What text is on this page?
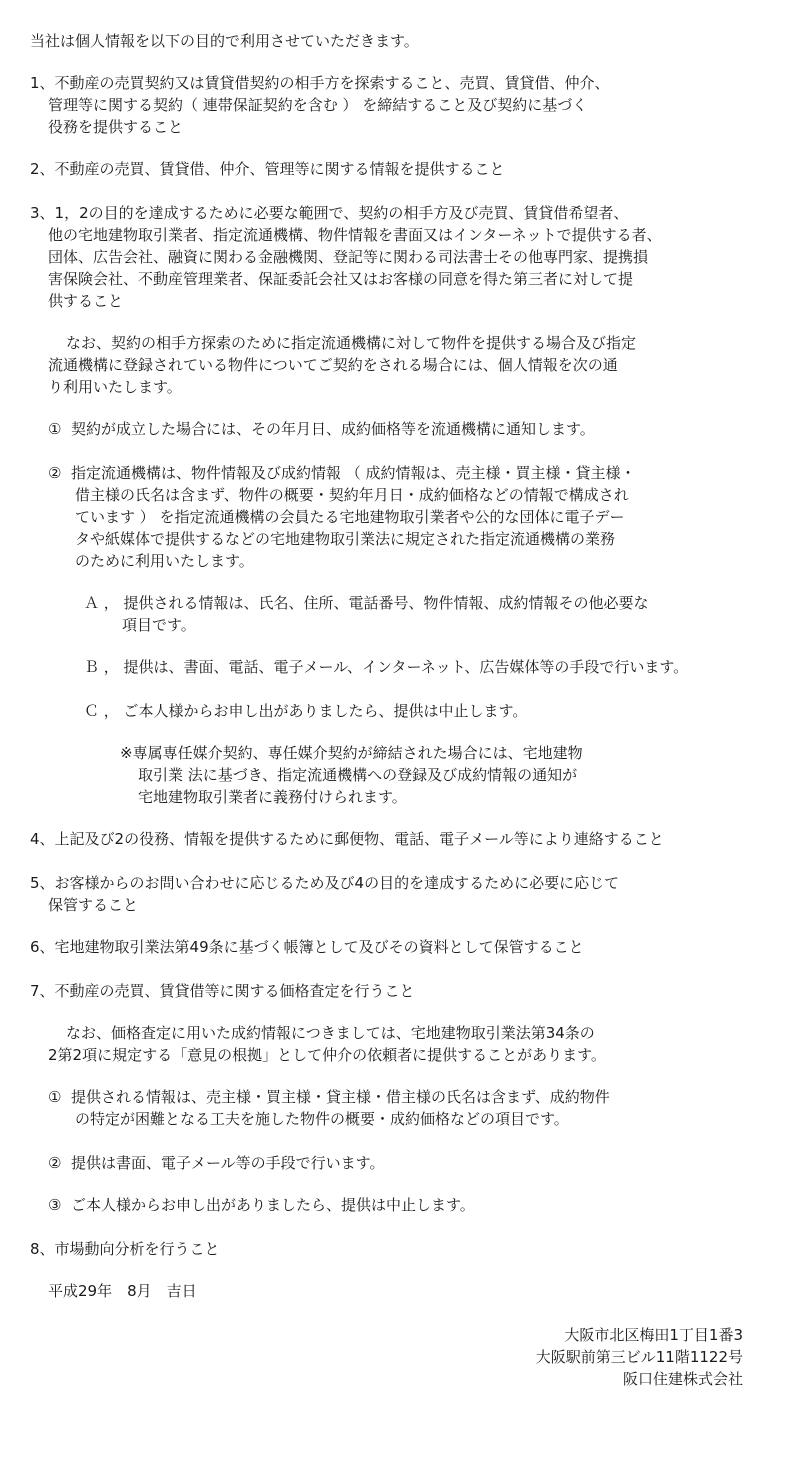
当社は個人情報を以下の目的で利用させていただきます。
1、不動産の売買契約又は賃貸借契約の相手方を探索すること、売買、賃貸借、仲介、
管理等に関する契約（ 連帯保証契約を含む ） を締結すること及び契約に基づく
役務を提供すること
2、不動産の売買、賃貸借、仲介、管理等に関する情報を提供すること
3、1，2の目的を達成するために必要な範囲で、契約の相手方及び売買、賃貸借希望者、
他の宅地建物取引業者、指定流通機構、物件情報を書面又はインターネットで提供する者、
団体、広告会社、融資に関わる金融機関、登記等に関わる司法書士その他専門家、提携損
害保険会社、不動産管理業者、保証委託会社又はお客様の同意を得た第三者に対して提
供すること
なお、契約の相手方探索のために指定流通機構に対して物件を提供する場合及び指定
流通機構に登録されている物件についてご契約をされる場合には、個人情報を次の通
り利用いたします。
①  契約が成立した場合には、その年月日、成約価格等を流通機構に通知します。
②  指定流通機構は、物件情報及び成約情報 （ 成約情報は、売主様・買主様・貸主様・
借主様の氏名は含まず、物件の概要・契約年月日・成約価格などの情報で構成され
ています ） を指定流通機構の会員たる宅地建物取引業者や公的な団体に電子デー
タや紙媒体で提供するなどの宅地建物取引業法に規定された指定流通機構の業務
のために利用いたします。
Ａ ， 提供される情報は、氏名、住所、電話番号、物件情報、成約情報その他必要な
項目です。
Ｂ ， 提供は、書面、電話、電子メール、インターネット、広告媒体等の手段で行います。
Ｃ ， ご本人様からお申し出がありましたら、提供は中止します。
※専属専任媒介契約、専任媒介契約が締結された場合には、宅地建物
取引業 法に基づき、指定流通機構への登録及び成約情報の通知が
宅地建物取引業者に義務付けられます。
4、上記及び2の役務、情報を提供するために郵便物、電話、電子メール等により連絡すること
5、お客様からのお問い合わせに応じるため及び4の目的を達成するために必要に応じて
保管すること
6、宅地建物取引業法第49条に基づく帳簿として及びその資料として保管すること
7、不動産の売買、賃貸借等に関する価格査定を行うこと
なお、価格査定に用いた成約情報につきましては、宅地建物取引業法第34条の
2第2項に規定する「意見の根拠」として仲介の依頼者に提供することがあります。
①  提供される情報は、売主様・買主様・貸主様・借主様の氏名は含まず、成約物件
の特定が困難となる工夫を施した物件の概要・成約価格などの項目です。
②  提供は書面、電子メール等の手段で行います。
③  ご本人様からお申し出がありましたら、提供は中止します。
8、市場動向分析を行うこと
平成29年　8月　吉日
大阪市北区梅田1丁目1番3
大阪駅前第三ビル11階1122号
阪口住建株式会社
